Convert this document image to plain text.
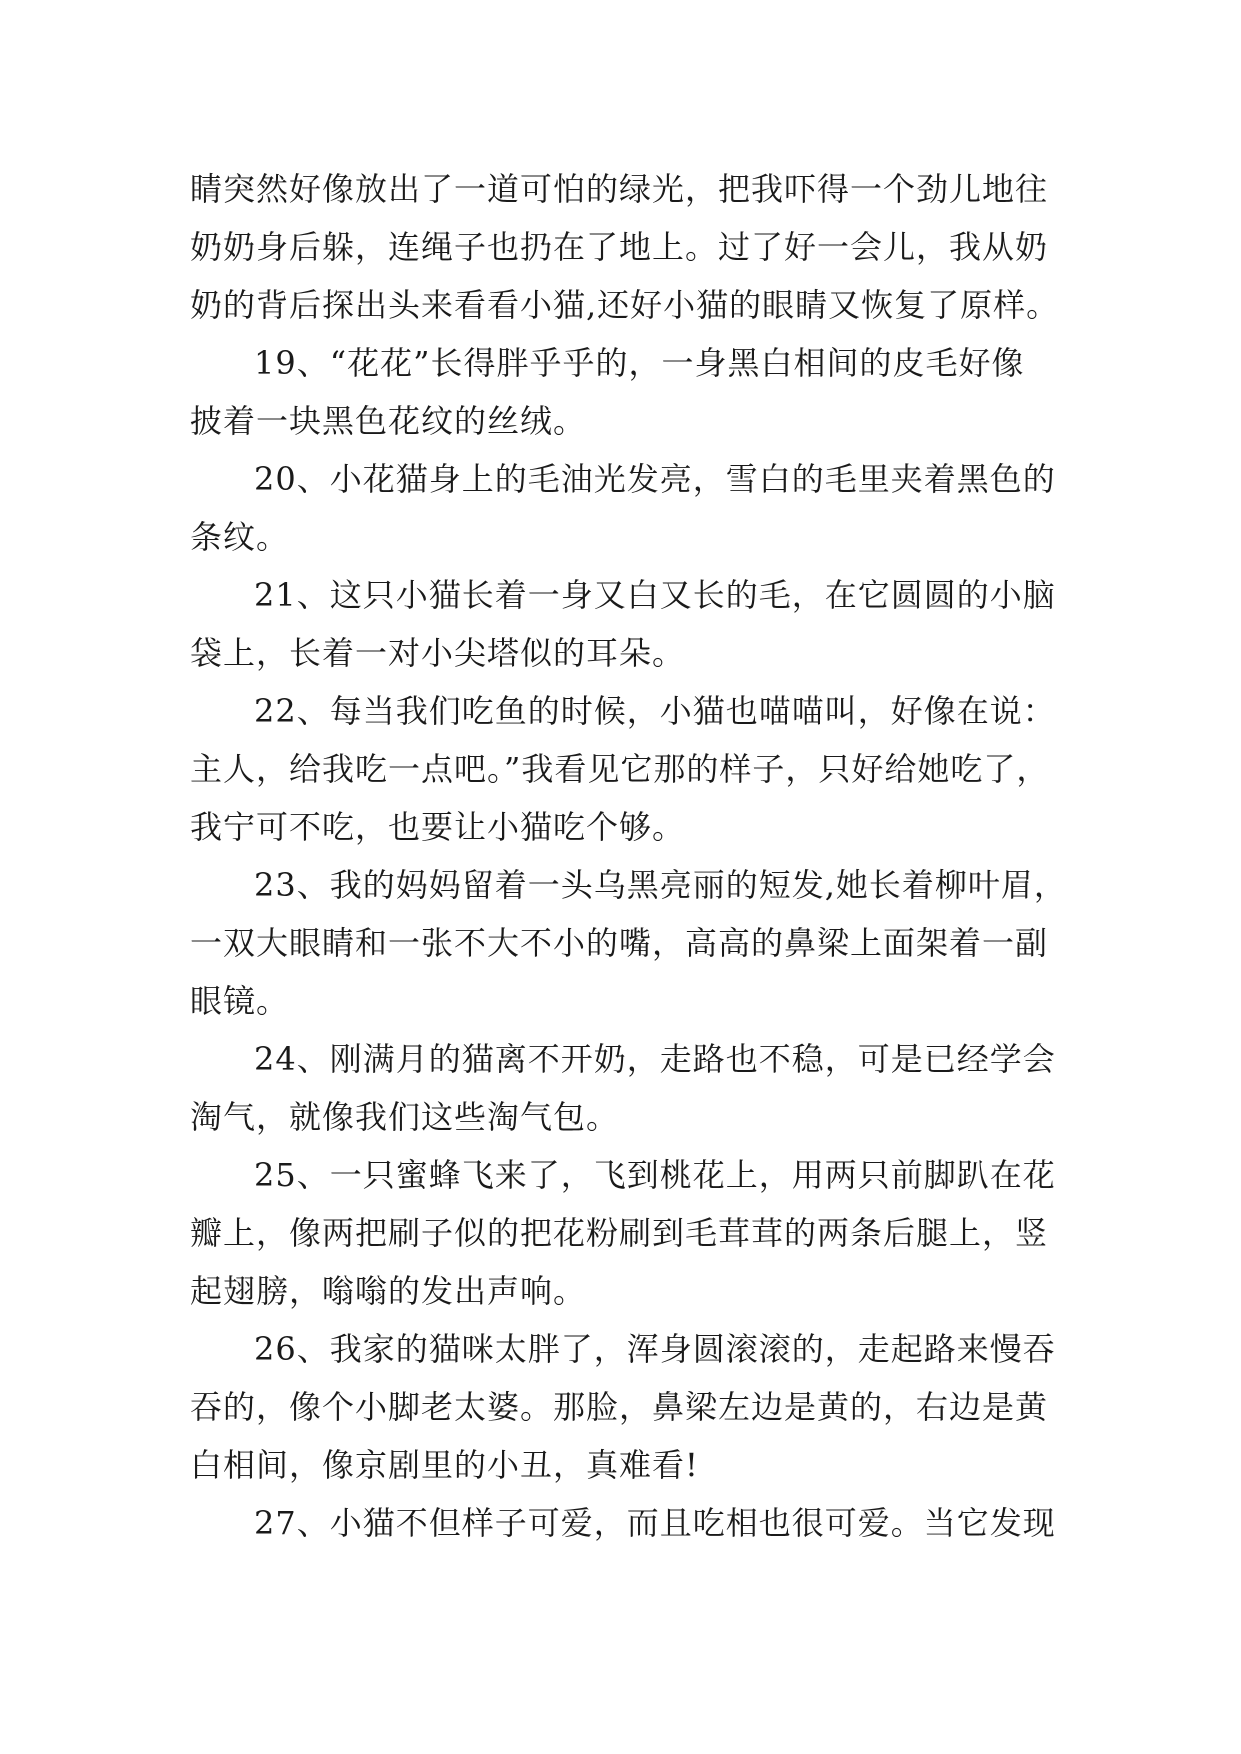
睛突然好像放出了一道可怕的绿光，把我吓得一个劲儿地往
奶奶身后躲，连绳子也扔在了地上。过了好一会儿，我从奶
奶的背后探出头来看看小猫,还好小猫的眼睛又恢复了原样。
19、“花花”长得胖乎乎的，一身黑白相间的皮毛好像
披着一块黑色花纹的丝绒。
20、小花猫身上的毛油光发亮，雪白的毛里夹着黑色的
条纹。
21、这只小猫长着一身又白又长的毛，在它圆圆的小脑
袋上，长着一对小尖塔似的耳朵。
22、每当我们吃鱼的时候，小猫也喵喵叫，好像在说：
主人，给我吃一点吧。”我看见它那的样子，只好给她吃了，
我宁可不吃，也要让小猫吃个够。
23、我的妈妈留着一头乌黑亮丽的短发,她长着柳叶眉，
一双大眼睛和一张不大不小的嘴，高高的鼻梁上面架着一副
眼镜。
24、刚满月的猫离不开奶，走路也不稳，可是已经学会
淘气，就像我们这些淘气包。
25、一只蜜蜂飞来了，飞到桃花上，用两只前脚趴在花
瓣上，像两把刷子似的把花粉刷到毛茸茸的两条后腿上，竖
起翅膀，嗡嗡的发出声响。
26、我家的猫咪太胖了，浑身圆滚滚的，走起路来慢吞
吞的，像个小脚老太婆。那脸，鼻梁左边是黄的，右边是黄
白相间，像京剧里的小丑，真难看!
27、小猫不但样子可爱，而且吃相也很可爱。当它发现
